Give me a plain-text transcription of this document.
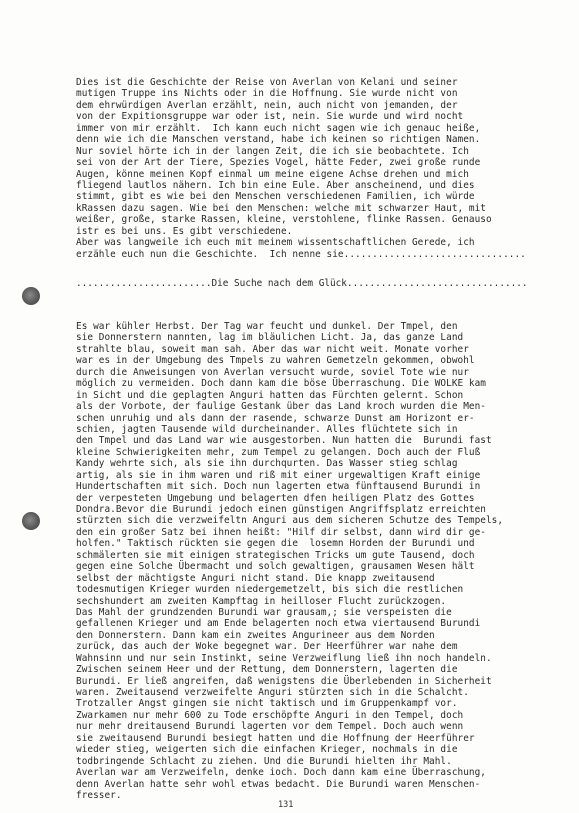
Dies ist die Geschichte der Reise von Averlan von Kelani und seiner
mutigen Truppe ins Nichts oder in die Hoffnung. Sie wurde nicht von
dem ehrwürdigen Averlan erzählt, nein, auch nicht von jemanden, der
von der Expitionsgruppe war oder ist, nein. Sie wurde und wird nocht
immer von mir erzählt.  Ich kann euch nicht sagen wie ich genauc heiße,
denn wie ich die Manschen verstand, habe ich keinen so richtigen Namen.
Nur soviel hörte ich in der langen Zeit, die ich sie beobachtete. Ich
sei von der Art der Tiere, Spezies Vogel, hätte Feder, zwei große runde
Augen, könne meinen Kopf einmal um meine eigene Achse drehen und mich
fliegend lautlos nähern. Ich bin eine Eule. Aber anscheinend, und dies
stimmt, gibt es wie bei den Menschen verschiedenen Familien, ich würde
kRassen dazu sagen. Wie bei den Menschen: welche mit schwarzer Haut, mit
weißer, große, starke Rassen, kleine, verstohlene, flinke Rassen. Genauso
istr es bei uns. Es gibt verschiedene.
Aber was langweile ich euch mit meinem wissentschaftlichen Gerede, ich
erzähle euch nun die Geschichte.  Ich nenne sie................................
........................Die Suche nach dem Glück................................
Es war kühler Herbst. Der Tag war feucht und dunkel. Der Tmpel, den
sie Donnerstern nannten, lag im bläulichen Licht. Ja, das ganze Land
strahlte blau, soweit man sah. Aber das war nicht weit. Monate vorher
war es in der Umgebung des Tmpels zu wahren Gemetzeln gekommen, obwohl
durch die Anweisungen von Averlan versucht wurde, soviel Tote wie nur
möglich zu vermeiden. Doch dann kam die böse Überraschung. Die WOLKE kam
in Sicht und die geplagten Anguri hatten das Fürchten gelernt. Schon
als der Vorbote, der faulige Gestank über das Land kroch wurden die Men-
schen unruhig und als dann der rasende, schwarze Dunst am Horizont er-
schien, jagten Tausende wild durcheinander. Alles flüchtete sich in
den Tmpel und das Land war wie ausgestorben. Nun hatten die  Burundi fast
kleine Schwierigkeiten mehr, zum Tempel zu gelangen. Doch auch der Fluß
Kandy wehrte sich, als sie ihn durchqurten. Das Wasser stieg schlag
artig, als sie in ihm waren und riß mit einer urgewaltigen Kraft einige
Hundertschaften mit sich. Doch nun lagerten etwa fünftausend Burundi in
der verpesteten Umgebung und belagerten dfen heiligen Platz des Gottes
Dondra.Bevor die Burundi jedoch einen günstigen Angriffsplatz erreichten
stürzten sich die verzweifeltn Anguri aus dem sicheren Schutze des Tempels,
den ein großer Satz bei ihnen heißt: "Hilf dir selbst, dann wird dir ge-
holfen." Taktisch rückten sie gegen die  losemn Horden der Burundi und
schmälerten sie mit einigen strategischen Tricks um gute Tausend, doch
gegen eine Solche Übermacht und solch gewaltigen, grausamen Wesen hält
selbst der mächtigste Anguri nicht stand. Die knapp zweitausend
todesmutigen Krieger wurden niedergemetzelt, bis sich die restlichen
sechshundert am zweiten Kampftag in heilloser Flucht zurückzogen.
Das Mahl der grundzenden Burundi war grausam,; sie verspeisten die
gefallenen Krieger und am Ende belagerten noch etwa viertausend Burundi
den Donnerstern. Dann kam ein zweites Angurineer aus dem Norden
zurück, das auch der Woke begegnet war. Der Heerführer war nahe dem
Wahnsinn und nur sein Instinkt, seine Verzweiflung ließ ihn noch handeln.
Zwischen seinem Heer und der Rettung, dem Donnerstern, lagerten die
Burundi. Er ließ angreifen, daß wenigstens die Überlebenden in Sicherheit
waren. Zweitausend verzweifelte Anguri stürzten sich in die Schalcht.
Trotzaller Angst gingen sie nicht taktisch und im Gruppenkampf vor.
Zwarkamen nur mehr 600 zu Tode erschöpfte Anguri in den Tempel, doch
nur mehr dreitausend Burundi lagerten vor dem Tempel. Doch auch wenn
sie zweitausend Burundi besiegt hatten und die Hoffnung der Heerführer
wieder stieg, weigerten sich die einfachen Krieger, nochmals in die
todbringende Schlacht zu ziehen. Und die Burundi hielten ihr Mahl.
Averlan war am Verzweifeln, denke ioch. Doch dann kam eine Überraschung,
denn Averlan hatte sehr wohl etwas bedacht. Die Burundi waren Menschen-
fresser.
131
